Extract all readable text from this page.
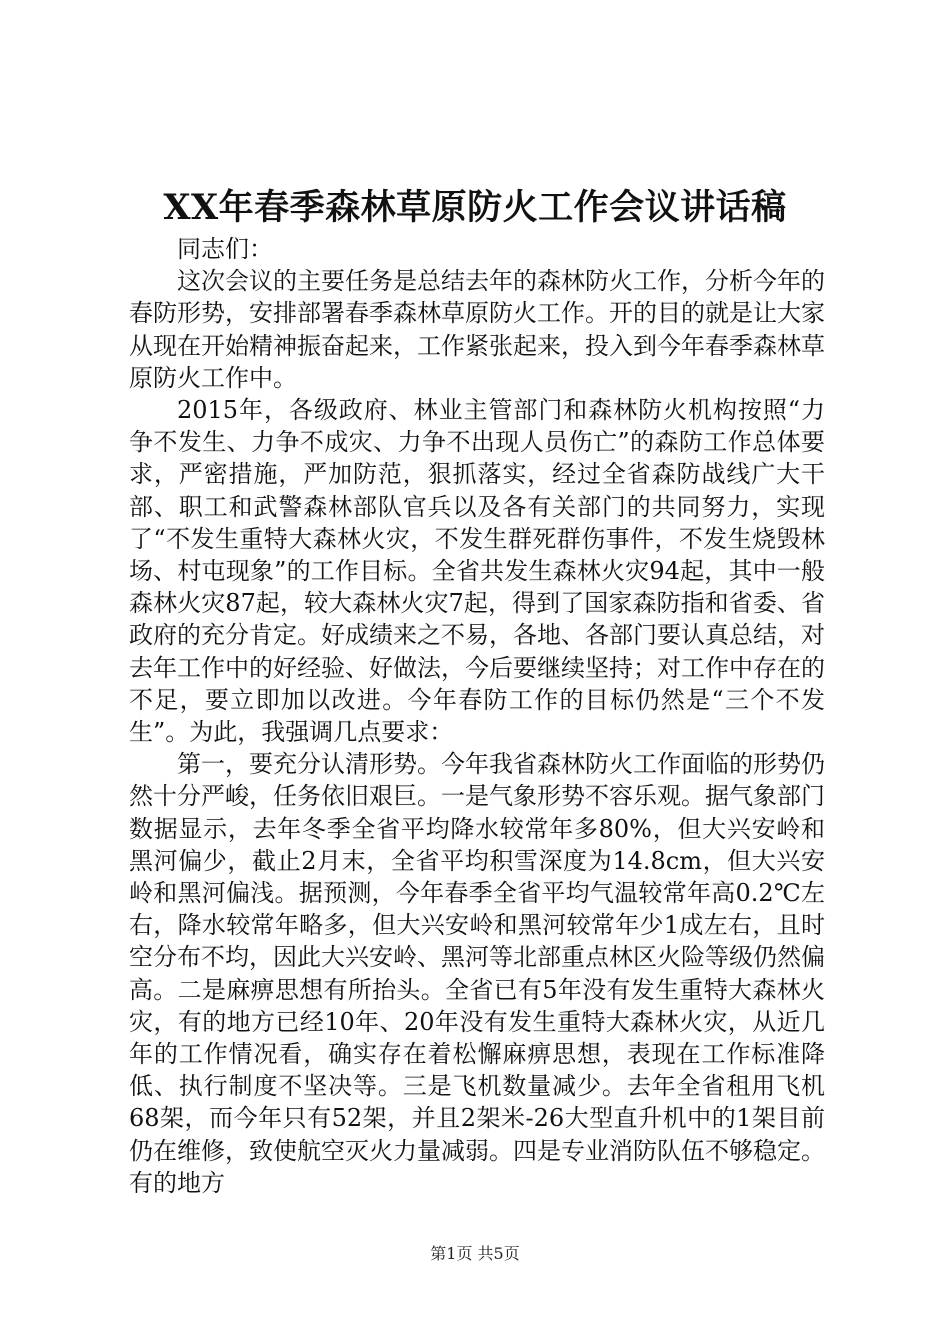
XX年春季森林草原防火工作会议讲话稿

同志们：

这次会议的主要任务是总结去年的森林防火工作，分析今年的春防形势，安排部署春季森林草原防火工作。开的目的就是让大家从现在开始精神振奋起来，工作紧张起来，投入到今年春季森林草原防火工作中。

2015年，各级政府、林业主管部门和森林防火机构按照“力争不发生、力争不成灾、力争不出现人员伤亡”的森防工作总体要求，严密措施，严加防范，狠抓落实，经过全省森防战线广大干部、职工和武警森林部队官兵以及各有关部门的共同努力，实现了“不发生重特大森林火灾，不发生群死群伤事件，不发生烧毁林场、村屯现象”的工作目标。全省共发生森林火灾94起，其中一般森林火灾87起，较大森林火灾7起，得到了国家森防指和省委、省政府的充分肯定。好成绩来之不易，各地、各部门要认真总结，对去年工作中的好经验、好做法，今后要继续坚持；对工作中存在的不足，要立即加以改进。今年春防工作的目标仍然是“三个不发生”。为此，我强调几点要求：

第一，要充分认清形势。今年我省森林防火工作面临的形势仍然十分严峻，任务依旧艰巨。一是气象形势不容乐观。据气象部门数据显示，去年冬季全省平均降水较常年多80%，但大兴安岭和黑河偏少，截止2月末，全省平均积雪深度为14.8cm，但大兴安岭和黑河偏浅。据预测，今年春季全省平均气温较常年高0.2℃左右，降水较常年略多，但大兴安岭和黑河较常年少1成左右，且时空分布不均，因此大兴安岭、黑河等北部重点林区火险等级仍然偏高。二是麻痹思想有所抬头。全省已有5年没有发生重特大森林火灾，有的地方已经10年、20年没有发生重特大森林火灾，从近几年的工作情况看，确实存在着松懈麻痹思想，表现在工作标准降低、执行制度不坚决等。三是飞机数量减少。去年全省租用飞机68架，而今年只有52架，并且2架米-26大型直升机中的1架目前仍在维修，致使航空灭火力量减弱。四是专业消防队伍不够稳定。有的地方

第1页 共5页
